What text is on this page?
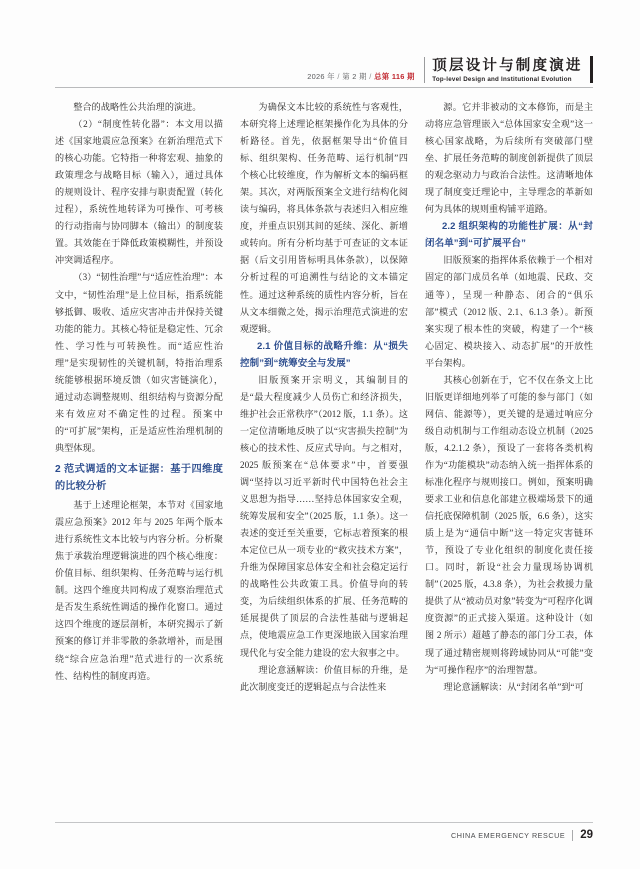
2026 年 / 第 2 期 / 总第 116 期
顶层设计与制度演进
Top-level Design and Institutional Evolution

整合的战略性公共治理的演进。

（2）“制度性转化器”：本文用以描述《国家地震应急预案》在新治理范式下的核心功能。它特指一种将宏观、抽象的政策理念与战略目标（输入），通过具体的规则设计、程序安排与职责配置（转化过程），系统性地转译为可操作、可考核的行动指南与协同脚本（输出）的制度装置。其效能在于降低政策模糊性，并预设冲突调适程序。

（3）“韧性治理”与“适应性治理”：本文中，“韧性治理”是上位目标，指系统能够抵御、吸收、适应灾害冲击并保持关键功能的能力。其核心特征是稳定性、冗余性、学习性与可转换性。而“适应性治理”是实现韧性的关键机制，特指治理系统能够根据环境反馈（如灾害链演化），通过动态调整规则、组织结构与资源分配来有效应对不确定性的过程。预案中的“可扩展”架构，正是适应性治理机制的典型体现。

2 范式调适的文本证据：基于四维度的比较分析

基于上述理论框架，本节对《国家地震应急预案》2012 年与 2025 年两个版本进行系统性文本比较与内容分析。分析聚焦于承载治理逻辑演进的四个核心维度：价值目标、组织架构、任务范畴与运行机制。这四个维度共同构成了观察治理范式是否发生系统性调适的操作化窗口。通过这四个维度的逐层剖析，本研究揭示了新预案的修订并非零散的条款增补，而是围绕“综合应急治理”范式进行的一次系统性、结构性的制度再造。

为确保文本比较的系统性与客观性，本研究将上述理论框架操作化为具体的分析路径。首先，依据框架导出“价值目标、组织架构、任务范畴、运行机制”四个核心比较维度，作为解析文本的编码框架。其次，对两版预案全文进行结构化阅读与编码，将具体条款与表述归入相应维度，并重点识别其间的延续、深化、新增或转向。所有分析均基于可查证的文本证据（后文引用皆标明具体条款），以保障分析过程的可追溯性与结论的文本锚定性。通过这种系统的质性内容分析，旨在从文本细微之处，揭示治理范式演进的宏观逻辑。

2.1 价值目标的战略升维：从“损失控制”到“统筹安全与发展”

旧版预案开宗明义，其编制目的是“最大程度减少人员伤亡和经济损失，维护社会正常秩序”（2012 版，1.1 条）。这一定位清晰地反映了以“灾害损失控制”为核心的技术性、反应式导向。与之相对，2025 版预案在“总体要求”中，首要强调“坚持以习近平新时代中国特色社会主义思想为指导……坚持总体国家安全观，统筹发展和安全”（2025 版，1.1 条）。这一表述的变迁至关重要，它标志着预案的根本定位已从一项专业的“救灾技术方案”，升维为保障国家总体安全和社会稳定运行的战略性公共政策工具。价值导向的转变，为后续组织体系的扩展、任务范畴的延展提供了顶层的合法性基础与逻辑起点，使地震应急工作更深地嵌入国家治理现代化与安全能力建设的宏大叙事之中。

理论意涵解读：价值目标的升维，是此次制度变迁的逻辑起点与合法性来

源。它并非被动的文本修饰，而是主动将应急管理嵌入“总体国家安全观”这一核心国家战略，为后续所有突破部门壁垒、扩展任务范畴的制度创新提供了顶层的观念驱动力与政治合法性。这清晰地体现了制度变迁理论中，主导理念的革新如何为具体的规则重构铺平道路。

2.2 组织架构的功能性扩展：从“封闭名单”到“可扩展平台”

旧版预案的指挥体系依赖于一个相对固定的部门成员名单（如地震、民政、交通等），呈现一种静态、闭合的“俱乐部”模式（2012 版、2.1、6.1.3 条）。新预案实现了根本性的突破，构建了一个“核心固定、模块接入、动态扩展”的开放性平台架构。

其核心创新在于，它不仅在条文上比旧版更详细地列举了可能的参与部门（如网信、能源等），更关键的是通过响应分级自动机制与工作组动态设立机制（2025 版，4.2.1.2 条），预设了一套将各类机构作为“功能模块”动态纳入统一指挥体系的标准化程序与规则接口。例如，预案明确要求工业和信息化部建立极端场景下的通信托底保障机制（2025 版，6.6 条），这实质上是为“通信中断”这一特定灾害链环节，预设了专业化组织的制度化责任接口。同时，新设“社会力量现场协调机制”（2025 版，4.3.8 条），为社会救援力量提供了从“被动员对象”转变为“可程序化调度资源”的正式接入渠道。这种设计（如图 2 所示）超越了静态的部门分工表，体现了通过精密规则将跨域协同从“可能”变为“可操作程序”的治理智慧。

理论意涵解读：从“封闭名单”到“可

CHINA EMERGENCY RESCUE 29
